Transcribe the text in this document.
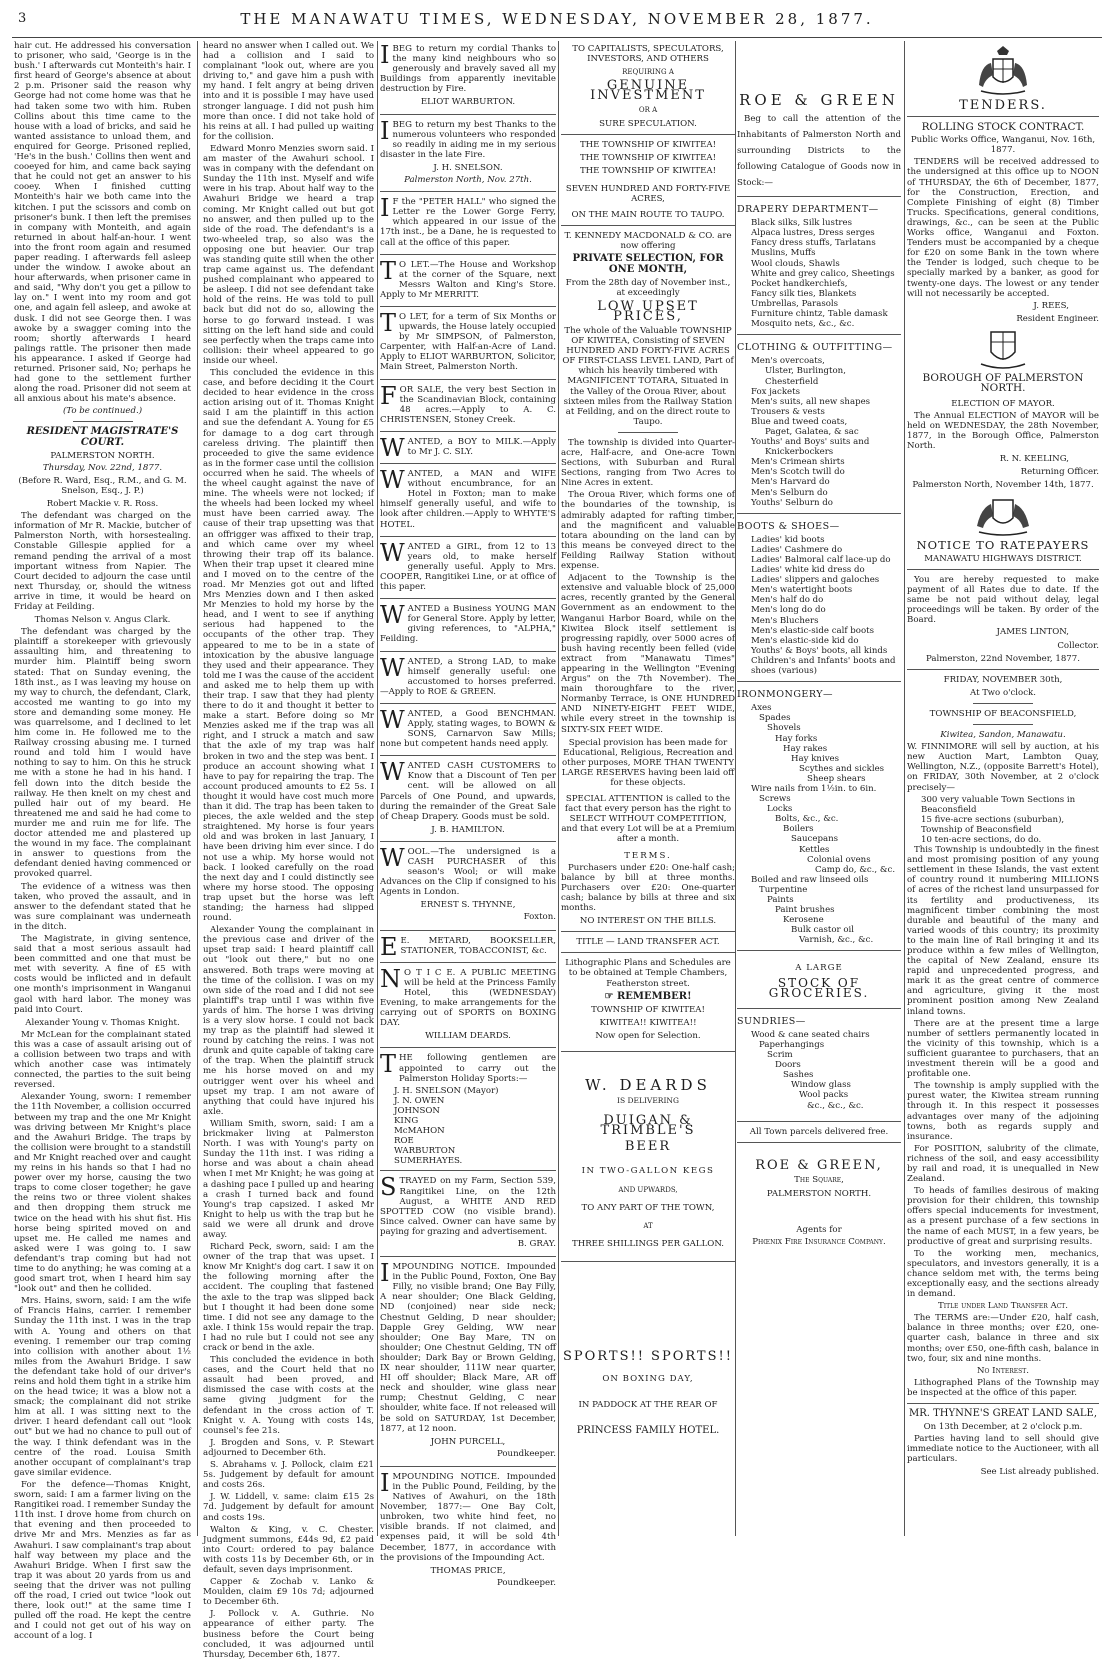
3	THE MANAWATU TIMES, WEDNESDAY, NOVEMBER 28, 1877.

hair cut. He addressed his conversation to prisoner, who said, 'George is in the bush.' I afterwards cut Monteith's hair. I first heard of George's absence at about 2 p.m. Prisoner said the reason why George had not come home was that he had taken some two with him. Ruben Collins about this time came to the house with a load of bricks, and said he wanted assistance to unload them, and enquired for George. Prisoned replied, 'He's in the bush.' Collins then went and cooeyed for him, and came back saying that he could not get an answer to his cooey. When I finished cutting Monteith's hair we both came into the kitchen. I put the scissors and comb on prisoner's bunk. I then left the premises in company with Monteith, and again returned in about half-an-hour. I went into the front room again and resumed paper reading. I afterwards fell asleep under the window. I awoke about an hour afterwards, when prisoner came in and said, "Why don't you get a pillow to lay on." I went into my room and got one, and again fell asleep, and awoke at dusk. I did not see George then. I was awoke by a swagger coming into the room; shortly afterwards I heard palings rattle. The prisoner then made his appearance. I asked if George had returned. Prisoner said, No; perhaps he had gone to the settlement further along the road. Prisoner did not seem at all anxious about his mate's absence.

(To be continued.)

RESIDENT MAGISTRATE'S COURT.

PALMERSTON NORTH.

Thursday, Nov. 22nd, 1877.

(Before R. Ward, Esq., R.M., and G. M. Snelson, Esq., J. P.)

Robert Mackie v. R. Ross.

The defendant was charged on the information of Mr R. Mackie, butcher of Palmerston North, with horsestealing. Constable Gillespie applied for a remand pending the arrival of a most important witness from Napier. The Court decided to adjourn the case until next Thursday, or, should the witness arrive in time, it would be heard on Friday at Feilding.

Thomas Nelson v. Angus Clark.

The defendant was charged by the plaintiff a storekeeper with grievously assaulting him, and threatening to murder him. Plaintiff being sworn stated: That on Sunday evening, the 18th inst., as I was leaving my house on my way to church, the defendant, Clark, accosted me wanting to go into my store and demanding some money. He was quarrelsome, and I declined to let him come in. He followed me to the Railway crossing abusing me. I turned round and told him I would have nothing to say to him. On this he struck me with a stone he had in his hand. I fell down into the ditch beside the railway. He then knelt on my chest and pulled hair out of my beard. He threatened me and said he had come to murder me and ruin me for life. The doctor attended me and plastered up the wound in my face. The complainant in answer to questions from the defendant denied having commenced or provoked quarrel.

The evidence of a witness was then taken, who proved the assault, and in answer to the defendant stated that he was sure complainant was underneath in the ditch.

The Magistrate, in giving sentence, said that a most serious assault had been committed and one that must be met with severity. A fine of £5 with costs would be inflicted and in default one month's imprisonment in Wanganui gaol with hard labor. The money was paid into Court.

Alexander Young v. Thomas Knight.

Mr McLean for the complainant stated this was a case of assault arising out of a collision between two traps and with which another case was intimately connected, the parties to the suit being reversed.

Alexander Young, sworn: I remember the 11th November, a collision occurred between my trap and the one Mr Knight was driving between Mr Knight's place and the Awahuri Bridge. The traps by the collision were brought to a standstill and Mr Knight reached over and caught my reins in his hands so that I had no power over my horse, causing the two traps to come closer together; he gave the reins two or three violent shakes and then dropping them struck me twice on the head with his shut fist. His horse being spirited moved on and upset me. He called me names and asked were I was going to. I saw defendant's trap coming but had not time to do anything; he was coming at a good smart trot, when I heard him say "look out" and then he collided.

Mrs. Hains, sworn, said: I am the wife of Francis Hains, carrier. I remember Sunday the 11th inst. I was in the trap with A. Young and others on that evening. I remember our trap coming into collision with another about 1½ miles from the Awahuri Bridge. I saw the defendant take hold of our driver's reins and hold them tight in a strike him on the head twice; it was a blow not a smack; the complainant did not strike him at all. I was sitting next to the driver. I heard defendant call out "look out" but we had no chance to pull out of the way. I think defendant was in the centre of the road. Louisa Smith another occupant of complainant's trap gave similar evidence.

For the defence—Thomas Knight, sworn, said: I am a farmer living on the Rangitikei road. I remember Sunday the 11th inst. I drove home from church on that evening and then proceeded to drive Mr and Mrs. Menzies as far as Awahuri. I saw complainant's trap about half way between my place and the Awahuri Bridge. When I first saw the trap it was about 20 yards from us and seeing that the driver was not pulling off the road, I cried out twice "look out there, look out!" at the same time I pulled off the road. He kept the centre and I could not get out of his way on account of a log. I

heard no answer when I called out. We had a collision and I said to complainant "look out, where are you driving to," and gave him a push with my hand. I felt angry at being driven into and it is possible I may have used stronger language. I did not push him more than once. I did not take hold of his reins at all. I had pulled up waiting for the collision.

Edward Monro Menzies sworn said. I am master of the Awahuri school. I was in company with the defendant on Sunday the 11th inst. Myself and wife were in his trap. About half way to the Awahuri Bridge we heard a trap coming. Mr Knight called out but got no answer, and then pulled up to the side of the road. The defendant's is a two-wheeled trap, so also was the opposing one but heavier. Our trap was standing quite still when the other trap came against us. The defendant pushed complainant who appeared to be asleep. I did not see defendant take hold of the reins. He was told to pull back but did not do so, allowing the horse to go forward instead. I was sitting on the left hand side and could see perfectly when the traps came into collision: their wheel appeared to go inside our wheel.

This concluded the evidence in this case, and before deciding it the Court decided to hear evidence in the cross action arising out of it. Thomas Knight said I am the plaintiff in this action and sue the defendant A. Young for £5 for damage to a dog cart through careless driving. The plaintiff then proceeded to give the same evidence as in the former case until the collision occurred when he said. The wheels of the wheel caught against the nave of mine. The wheels were not locked; if the wheels had been locked my wheel must have been carried away. The cause of their trap upsetting was that an offrigger was affixed to their trap, and which came over my wheel throwing their trap off its balance. When their trap upset it cleared mine and I moved on to the centre of the road. Mr Menzies got out and lifted Mrs Menzies down and I then asked Mr Menzies to hold my horse by the head, and I went to see if anything serious had happened to the occupants of the other trap. They appeared to me to be in a state of intoxication by the abusive language they used and their appearance. They told me I was the cause of the accident and asked me to help them up with their trap. I saw that they had plenty there to do it and thought it better to make a start. Before doing so Mr Menzies asked me if the trap was all right, and I struck a match and saw that the axle of my trap was half broken in two and the step was bent. I produce an account showing what I have to pay for repairing the trap. The account produced amounts to £2 5s. I thought it would have cost much more than it did. The trap has been taken to pieces, the axle welded and the step straightened. My horse is four years old and was broken in last January, I have been driving him ever since. I do not use a whip. My horse would not back. I looked carefully on the road the next day and I could distinctly see where my horse stood. The opposing trap upset but the horse was left standing; the harness had slipped round.

Alexander Young the complainant in the previous case and driver of the upset trap said: I heard plaintiff call out "look out there," but no one answered. Both traps were moving at the time of the collision. I was on my own side of the road and I did not see plaintiff's trap until I was within five yards of him. The horse I was driving is a very slow horse. I could not back my trap as the plaintiff had slewed it round by catching the reins. I was not drunk and quite capable of taking care of the trap. When the plaintiff struck me his horse moved on and my outrigger went over his wheel and upset my trap. I am not aware of anything that could have injured his axle.

William Smith, sworn, said: I am a brickmaker living at Palmerston North. I was with Young's party on Sunday the 11th inst. I was riding a horse and was about a chain ahead when I met Mr Knight; he was going at a dashing pace I pulled up and hearing a crash I turned back and found Young's trap capsized. I asked Mr Knight to help us with the trap but he said we were all drunk and drove away.

Richard Peck, sworn, said: I am the owner of the trap that was upset. I know Mr Knight's dog cart. I saw it on the following morning after the accident. The coupling that fastened the axle to the trap was slipped back but I thought it had been done some time. I did not see any damage to the axle. I think 15s would repair the trap. I had no rule but I could not see any crack or bend in the axle.

This concluded the evidence in both cases, and the Court held that no assault had been proved, and dismissed the case with costs at the same giving judgment for the defendant in the cross action of T. Knight v. A. Young with costs 14s, counsel's fee 21s.

J. Brogden and Sons, v. P. Stewart adjourned to December 6th.

S. Abrahams v. J. Pollock, claim £21 5s. Judgement by default for amount and costs 26s.

J. W. Liddell, v. same: claim £15 2s 7d. Judgement by default for amount and costs 19s.

Walton & King, v. C. Chester. Judgment summons, £44s 9d, £2 paid into Court: ordered to pay balance with costs 11s by December 6th, or in default, seven days imprisonment.

Capper & Zochab v. Lanko & Moulden, claim £9 10s 7d; adjourned to December 6th.

J. Pollock v. A. Guthrie. No appearance of either party. The business before the Court being concluded, it was adjourned until Thursday, December 6th, 1877.

I BEG to return my cordial Thanks to the many kind neighbours who so generously and bravely saved all my Buildings from apparently inevitable destruction by Fire.

ELIOT WARBURTON.

I BEG to return my best Thanks to the numerous volunteers who responded so readily in aiding me in my serious disaster in the late Fire.

J. H. SNELSON.

Palmerston North, Nov. 27th.

I F the "PETER HALL" who signed the Letter re the Lower Gorge Ferry, which appeared in our issue of the 17th inst., be a Dane, he is requested to call at the office of this paper.

T O LET.—The House and Workshop at the corner of the Square, next Messrs Walton and King's Store. Apply to Mr MERRITT.

T O LET, for a term of Six Months or upwards, the House lately occupied by Mr SIMPSON, of Palmerston, Carpenter, with Half-an-Acre of Land. Apply to ELIOT WARBURTON, Solicitor, Main Street, Palmerston North.

F OR SALE, the very best Section in the Scandinavian Block, containing 48 acres.—Apply to A. C. CHRISTENSEN, Stoney Creek.

W ANTED, a BOY to MILK.—Apply to Mr J. C. SLY.

W ANTED, a MAN and WIFE without encumbrance, for an Hotel in Foxton; man to make himself generally useful, and wife to look after children.—Apply to WHYTE'S HOTEL.

W ANTED a GIRL, from 12 to 13 years old, to make herself generally useful. Apply to Mrs. COOPER, Rangitikei Line, or at office of this paper.

W ANTED a Business YOUNG MAN for General Store. Apply by letter, giving references, to "ALPHA," Feilding.

W ANTED, a Strong LAD, to make himself generally useful: one accustomed to horses preferred.—Apply to ROE & GREEN.

W ANTED, a Good BENCHMAN. Apply, stating wages, to BOWN & SONS, Carnarvon Saw Mills; none but competent hands need apply.

W ANTED CASH CUSTOMERS to Know that a Discount of Ten per cent. will be allowed on all Parcels of One Pound, and upwards, during the remainder of the Great Sale of Cheap Drapery. Goods must be sold.

J. B. HAMILTON.

W OOL.—The undersigned is a CASH PURCHASER of this season's Wool; or will make Advances on the Clip if consigned to his Agents in London.

ERNEST S. THYNNE,

Foxton.

E E. METARD, BOOKSELLER, STATIONER, TOBACCONIST, &c.

N O T I C E. A PUBLIC MEETING will be held at the Princess Family Hotel, this (WEDNESDAY) Evening, to make arrangements for the carrying out of SPORTS on BOXING DAY.

WILLIAM DEARDS.

T HE following gentlemen are appointed to carry out the Palmerston Holiday Sports:—

J. H. SNELSON (Mayor)

J. N. OWEN

JOHNSON

KING

McMAHON

ROE

WARBURTON

SUMERHAYES.

S TRAYED on my Farm, Section 539, Rangitikei Line, on the 12th August, a WHITE AND RED SPOTTED COW (no visible brand). Since calved. Owner can have same by paying for grazing and advertisement.

B. GRAY.

I MPOUNDING NOTICE. Impounded in the Public Pound, Foxton, One Bay Filly, no visible brand; One Bay Filly, A near shoulder; One Black Gelding, ND (conjoined) near side neck; Chestnut Gelding, D near shoulder; Dapple Grey Gelding, WW near shoulder; One Bay Mare, TN on shoulder; One Chestnut Gelding, TN off shoulder; Dark Bay or Brown Gelding, IX near shoulder, 111W near quarter, HI off shoulder; Black Mare, AR off neck and shoulder, wine glass near rump; Chestnut Gelding, C near shoulder, white face. If not released will be sold on SATURDAY, 1st December, 1877, at 12 noon.

JOHN PURCELL,

Poundkeeper.

I MPOUNDING NOTICE. Impounded in the Public Pound, Feilding, by the Natives of Awahuri, on the 18th November, 1877:— One Bay Colt, unbroken, two white hind feet, no visible brands. If not claimed, and expenses paid, it will be sold 4th December, 1877, in accordance with the provisions of the Impounding Act.

THOMAS PRICE,

Poundkeeper.

TO CAPITALISTS, SPECULATORS, INVESTORS, AND OTHERS

REQUIRING A

GENUINE INVESTMENT

OR A

SURE SPECULATION.

THE TOWNSHIP OF KIWITEA!

THE TOWNSHIP OF KIWITEA!

THE TOWNSHIP OF KIWITEA!

SEVEN HUNDRED AND FORTY-FIVE ACRES,

ON THE MAIN ROUTE TO TAUPO.

T. KENNEDY MACDONALD & CO. are now offering

PRIVATE SELECTION, FOR ONE MONTH,

From the 28th day of November inst., at exceedingly

LOW UPSET PRICES,

The whole of the Valuable TOWNSHIP OF KIWITEA, Consisting of SEVEN HUNDRED AND FORTY-FIVE ACRES OF FIRST-CLASS LEVEL LAND, Part of which his heavily timbered with MAGNIFICENT TOTARA, Situated in the Valley of the Oroua River, about sixteen miles from the Railway Station at Feilding, and on the direct route to Taupo.

The township is divided into Quarter-acre, Half-acre, and One-acre Town Sections, with Suburban and Rural Sections, ranging from Two Acres to Nine Acres in extent.

The Oroua River, which forms one of the boundaries of the township, is admirably adapted for rafting timber, and the magnificent and valuable totara abounding on the land can by this means be conveyed direct to the Feilding Railway Station without expense.

Adjacent to the Township is the extensive and valuable block of 25,000 acres, recently granted by the General Government as an endowment to the Wanganui Harbor Board, while on the Kiwitea Block itself settlement is progressing rapidly, over 5000 acres of bush having recently been felled (vide extract from "Manawatu Times" appearing in the Wellington "Evening Argus" on the 7th November). The main thoroughfare to the river, Normanby Terrace, is ONE HUNDRED AND NINETY-EIGHT FEET WIDE, while every street in the township is SIXTY-SIX FEET WIDE.

Special provision has been made for Educational, Religious, Recreation and other purposes, MORE THAN TWENTY LARGE RESERVES having been laid off for these objects.

SPECIAL ATTENTION is called to the fact that every person has the right to SELECT WITHOUT COMPETITION, and that every Lot will be at a Premium after a month.

TERMS.

Purchasers under £20: One-half cash; balance by bill at three months. Purchasers over £20: One-quarter cash; balance by bills at three and six months.

NO INTEREST ON THE BILLS.

TITLE — LAND TRANSFER ACT.

Lithographic Plans and Schedules are to be obtained at Temple Chambers, Featherston street.

☞ REMEMBER!

TOWNSHIP OF KIWITEA!

KIWITEA!! KIWITEA!!

Now open for Selection.

W. DEARDS

IS DELIVERING

DUIGAN & TRIMBLE'S

BEER

IN TWO-GALLON KEGS

AND UPWARDS,

TO ANY PART OF THE TOWN,

AT

THREE SHILLINGS PER GALLON.

SPORTS!! SPORTS!!

ON BOXING DAY,

IN PADDOCK AT THE REAR OF

PRINCESS FAMILY HOTEL.

ROE & GREEN

Beg to call the attention of the Inhabitants of Palmerston North and surrounding Districts to the following Catalogue of Goods now in Stock:—

DRAPERY DEPARTMENT—

Black silks, Silk lustres

Alpaca lustres, Dress serges

Fancy dress stuffs, Tarlatans

Muslins, Muffs

Wool clouds, Shawls

White and grey calico, Sheetings

Pocket handkerchiefs,

Fancy silk ties, Blankets

Umbrellas, Parasols

Furniture chintz, Table damask

Mosquito nets, &c., &c.

CLOTHING & OUTFITTING—

Men's overcoats,

Ulster, Burlington, Chesterfield

Fox jackets

Men's suits, all new shapes

Trousers & vests

Blue and tweed coats,

Paget, Galatea, & sac

Youths' and Boys' suits and

Knickerbockers

Men's Crimean shirts

Men's Scotch twill do

Men's Harvard do

Men's Selburn do

Youths' Selburn do

BOOTS & SHOES—

Ladies' kid boots

Ladies' Cashmere do

Ladies' Balmoral calf lace-up do

Ladies' white kid dress do

Ladies' slippers and galoches

Men's watertight boots

Men's half do do

Men's long do do

Men's Bluchers

Men's elastic-side calf boots

Men's elastic-side kid do

Youths' & Boys' boots, all kinds

Children's and Infants' boots and shoes (various)

IRONMONGERY—

Axes

Spades

Shovels

Hay forks

Hay rakes

Hay knives

Scythes and sickles

Sheep shears

Wire nails from 1½in. to 6in.

Screws

Locks

Bolts, &c., &c.

Boilers

Saucepans

Kettles

Colonial ovens

Camp do, &c., &c.

Boiled and raw linseed oils

Turpentine

Paints

Paint brushes

Kerosene

Bulk castor oil

Varnish, &c., &c.

A LARGE

STOCK OF GROCERIES.

SUNDRIES—

Wood & cane seated chairs

Paperhangings

Scrim

Doors

Sashes

Window glass

Wool packs

&c., &c., &c.

All Town parcels delivered free.

ROE & GREEN,

The Square,

PALMERSTON NORTH.

Agents for

Phœnix Fire Insurance Company.

TENDERS.

ROLLING STOCK CONTRACT.

Public Works Office, Wanganui, Nov. 16th, 1877.

TENDERS will be received addressed to the undersigned at this office up to NOON of THURSDAY, the 6th of December, 1877, for the Construction, Erection, and Complete Finishing of eight (8) Timber Trucks. Specifications, general conditions, drawings, &c., can be seen at the Public Works office, Wanganui and Foxton. Tenders must be accompanied by a cheque for £20 on some Bank in the town where the Tender is lodged, such cheque to be specially marked by a banker, as good for twenty-one days. The lowest or any tender will not necessarily be accepted.

J. REES,

Resident Engineer.

BOROUGH OF PALMERSTON NORTH.

ELECTION OF MAYOR.

The Annual ELECTION of MAYOR will be held on WEDNESDAY, the 28th November, 1877, in the Borough Office, Palmerston North.

R. N. KEELING,

Returning Officer.

Palmerston North, November 14th, 1877.

NOTICE TO RATEPAYERS

MANAWATU HIGHWAYS DISTRICT.

You are hereby requested to make payment of all Rates due to date. If the same be not paid without delay, legal proceedings will be taken. By order of the Board.

JAMES LINTON,

Collector.

Palmerston, 22nd November, 1877.

FRIDAY, NOVEMBER 30th,

At Two o'clock.

TOWNSHIP OF BEACONSFIELD,

Kiwitea, Sandon, Manawatu.

W. FINNIMORE will sell by auction, at his new Auction Mart, Lambton Quay, Wellington, N.Z., (opposite Barrett's Hotel), on FRIDAY, 30th November, at 2 o'clock precisely—

300 very valuable Town Sections in Beaconsfield

15 five-acre sections (suburban), Township of Beaconsfield

10 ten-acre sections, do do.

This Township is undoubtedly in the finest and most promising position of any young settlement in these Islands, the vast extent of country round it numbering MILLIONS of acres of the richest land unsurpassed for its fertility and productiveness, its magnificent timber combining the most durable and beautiful of the many and varied woods of this country; its proximity to the main line of Rail bringing it and its produce within a few miles of Wellington, the capital of New Zealand, ensure its rapid and unprecedented progress, and mark it as the great centre of commerce and agriculture, giving it the most prominent position among New Zealand inland towns.

There are at the present time a large number of settlers permanently located in the vicinity of this township, which is a sufficient guarantee to purchasers, that an investment therein will be a good and profitable one.

The township is amply supplied with the purest water, the Kiwitea stream running through it. In this respect it possesses advantages over many of the adjoining towns, both as regards supply and insurance.

For POSITION, salubrity of the climate, richness of the soil, and easy accessibility by rail and road, it is unequalled in New Zealand.

To heads of families desirous of making provision for their children, this township offers special inducements for investment, as a present purchase of a few sections in the name of each MUST, in a few years, be productive of great and surprising results.

To the working men, mechanics, speculators, and investors generally, it is a chance seldom met with, the terms being exceptionally easy, and the sections already in demand.

Title under Land Transfer Act.

The TERMS are:—Under £20, half cash, balance in three months; over £20, one-quarter cash, balance in three and six months; over £50, one-fifth cash, balance in two, four, six and nine months.

No Interest.

Lithographed Plans of the Township may be inspected at the office of this paper.

MR. THYNNE'S GREAT LAND SALE,

On 13th December, at 2 o'clock p.m.

Parties having land to sell should give immediate notice to the Auctioneer, with all particulars.

See List already published.
